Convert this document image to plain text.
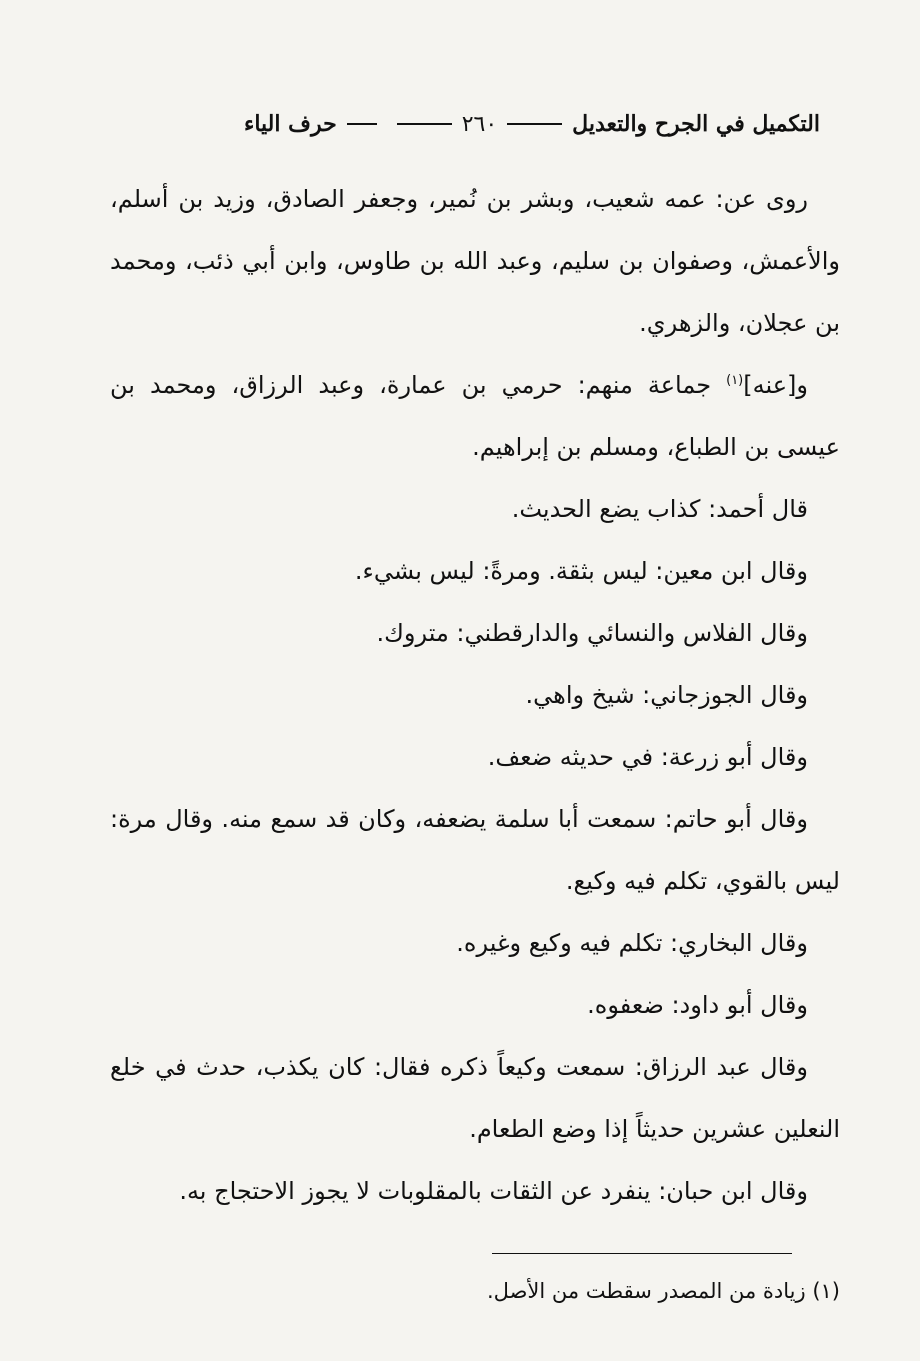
التكميل في الجرح والتعديل
٢٦٠
حرف الياء

روى عن: عمه شعيب، وبشر بن نُمير، وجعفر الصادق، وزيد بن أسلم، والأعمش، وصفوان بن سليم، وعبد الله بن طاوس، وابن أبي ذئب، ومحمد بن عجلان، والزهري.

و[عنه]$^{(١)}$ جماعة منهم: حرمي بن عمارة، وعبد الرزاق، ومحمد بن عيسى بن الطباع، ومسلم بن إبراهيم.

قال أحمد: كذاب يضع الحديث.

وقال ابن معين: ليس بثقة. ومرةً: ليس بشيء.

وقال الفلاس والنسائي والدارقطني: متروك.

وقال الجوزجاني: شيخ واهي.

وقال أبو زرعة: في حديثه ضعف.

وقال أبو حاتم: سمعت أبا سلمة يضعفه، وكان قد سمع منه. وقال مرة: ليس بالقوي، تكلم فيه وكيع.

وقال البخاري: تكلم فيه وكيع وغيره.

وقال أبو داود: ضعفوه.

وقال عبد الرزاق: سمعت وكيعاً ذكره فقال: كان يكذب، حدث في خلع النعلين عشرين حديثاً إذا وضع الطعام.

وقال ابن حبان: ينفرد عن الثقات بالمقلوبات لا يجوز الاحتجاج به.

(١) زيادة من المصدر سقطت من الأصل.
